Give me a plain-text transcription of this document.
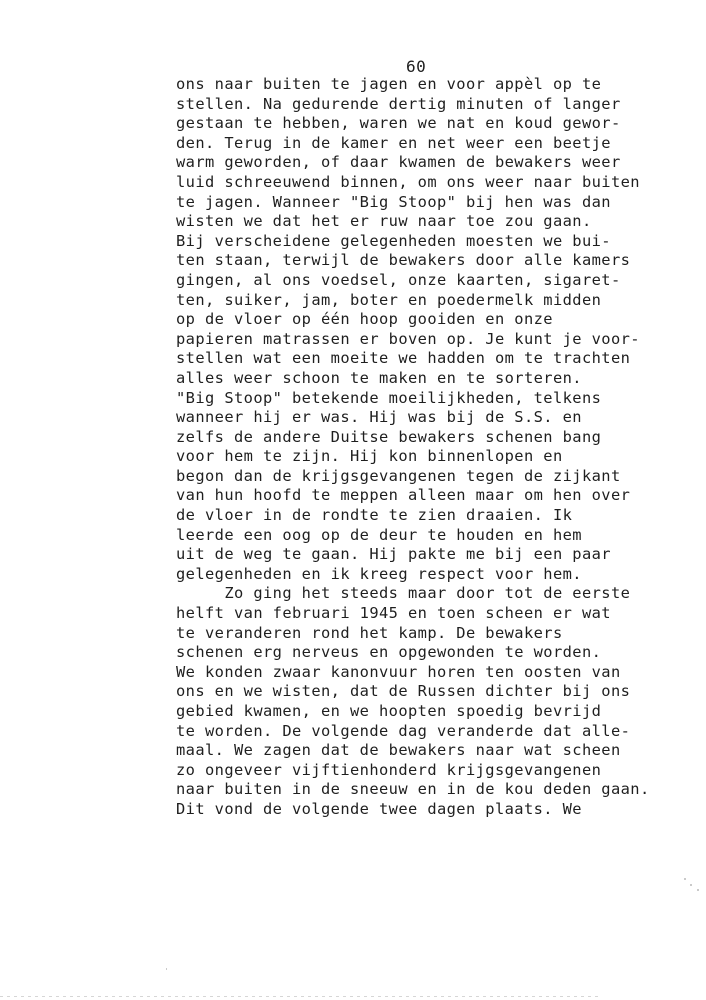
60
ons naar buiten te jagen en voor appèl op te
stellen. Na gedurende dertig minuten of langer
gestaan te hebben, waren we nat en koud gewor-
den. Terug in de kamer en net weer een beetje
warm geworden, of daar kwamen de bewakers weer
luid schreeuwend binnen, om ons weer naar buiten
te jagen. Wanneer "Big Stoop" bij hen was dan
wisten we dat het er ruw naar toe zou gaan.
Bij verscheidene gelegenheden moesten we bui-
ten staan, terwijl de bewakers door alle kamers
gingen, al ons voedsel, onze kaarten, sigaret-
ten, suiker, jam, boter en poedermelk midden
op de vloer op één hoop gooiden en onze
papieren matrassen er boven op. Je kunt je voor-
stellen wat een moeite we hadden om te trachten
alles weer schoon te maken en te sorteren.
"Big Stoop" betekende moeilijkheden, telkens
wanneer hij er was. Hij was bij de S.S. en
zelfs de andere Duitse bewakers schenen bang
voor hem te zijn. Hij kon binnenlopen en
begon dan de krijgsgevangenen tegen de zijkant
van hun hoofd te meppen alleen maar om hen over
de vloer in de rondte te zien draaien. Ik
leerde een oog op de deur te houden en hem
uit de weg te gaan. Hij pakte me bij een paar
gelegenheden en ik kreeg respect voor hem.
Zo ging het steeds maar door tot de eerste
helft van februari 1945 en toen scheen er wat
te veranderen rond het kamp. De bewakers
schenen erg nerveus en opgewonden te worden.
We konden zwaar kanonvuur horen ten oosten van
ons en we wisten, dat de Russen dichter bij ons
gebied kwamen, en we hoopten spoedig bevrijd
te worden. De volgende dag veranderde dat alle-
maal. We zagen dat de bewakers naar wat scheen
zo ongeveer vijftienhonderd krijgsgevangenen
naar buiten in de sneeuw en in de kou deden gaan.
Dit vond de volgende twee dagen plaats. We
